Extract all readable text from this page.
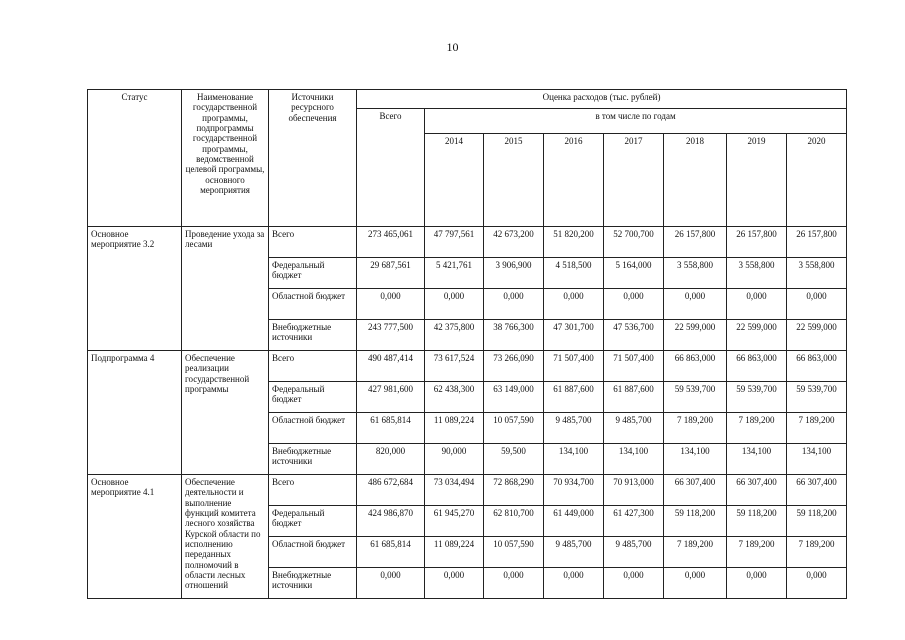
10
Статус	Наименование государственной программы, подпрограммы государственной программы, ведомственной целевой программы, основного мероприятия	Источники ресурсного обеспечения	Оценка расходов (тыс. рублей)							
			Всего	в том числе по годам						
				2014	2015	2016	2017	2018	2019	2020
Основное мероприятие 3.2	Проведение ухода за лесами	Всего	273 465,061	47 797,561	42 673,200	51 820,200	52 700,700	26 157,800	26 157,800	26 157,800
		Федеральный бюджет	29 687,561	5 421,761	3 906,900	4 518,500	5 164,000	3 558,800	3 558,800	3 558,800
		Областной бюджет	0,000	0,000	0,000	0,000	0,000	0,000	0,000	0,000
		Внебюджетные источники	243 777,500	42 375,800	38 766,300	47 301,700	47 536,700	22 599,000	22 599,000	22 599,000
Подпрограмма 4	Обеспечение реализации государственной программы	Всего	490 487,414	73 617,524	73 266,090	71 507,400	71 507,400	66 863,000	66 863,000	66 863,000
		Федеральный бюджет	427 981,600	62 438,300	63 149,000	61 887,600	61 887,600	59 539,700	59 539,700	59 539,700
		Областной бюджет	61 685,814	11 089,224	10 057,590	9 485,700	9 485,700	7 189,200	7 189,200	7 189,200
		Внебюджетные источники	820,000	90,000	59,500	134,100	134,100	134,100	134,100	134,100
Основное мероприятие 4.1	Обеспечение деятельности и выполнение функций комитета лесного хозяйства Курской области по исполнению переданных полномочий в области лесных отношений	Всего	486 672,684	73 034,494	72 868,290	70 934,700	70 913,000	66 307,400	66 307,400	66 307,400
		Федеральный бюджет	424 986,870	61 945,270	62 810,700	61 449,000	61 427,300	59 118,200	59 118,200	59 118,200
		Областной бюджет	61 685,814	11 089,224	10 057,590	9 485,700	9 485,700	7 189,200	7 189,200	7 189,200
		Внебюджетные источники	0,000	0,000	0,000	0,000	0,000	0,000	0,000	0,000
